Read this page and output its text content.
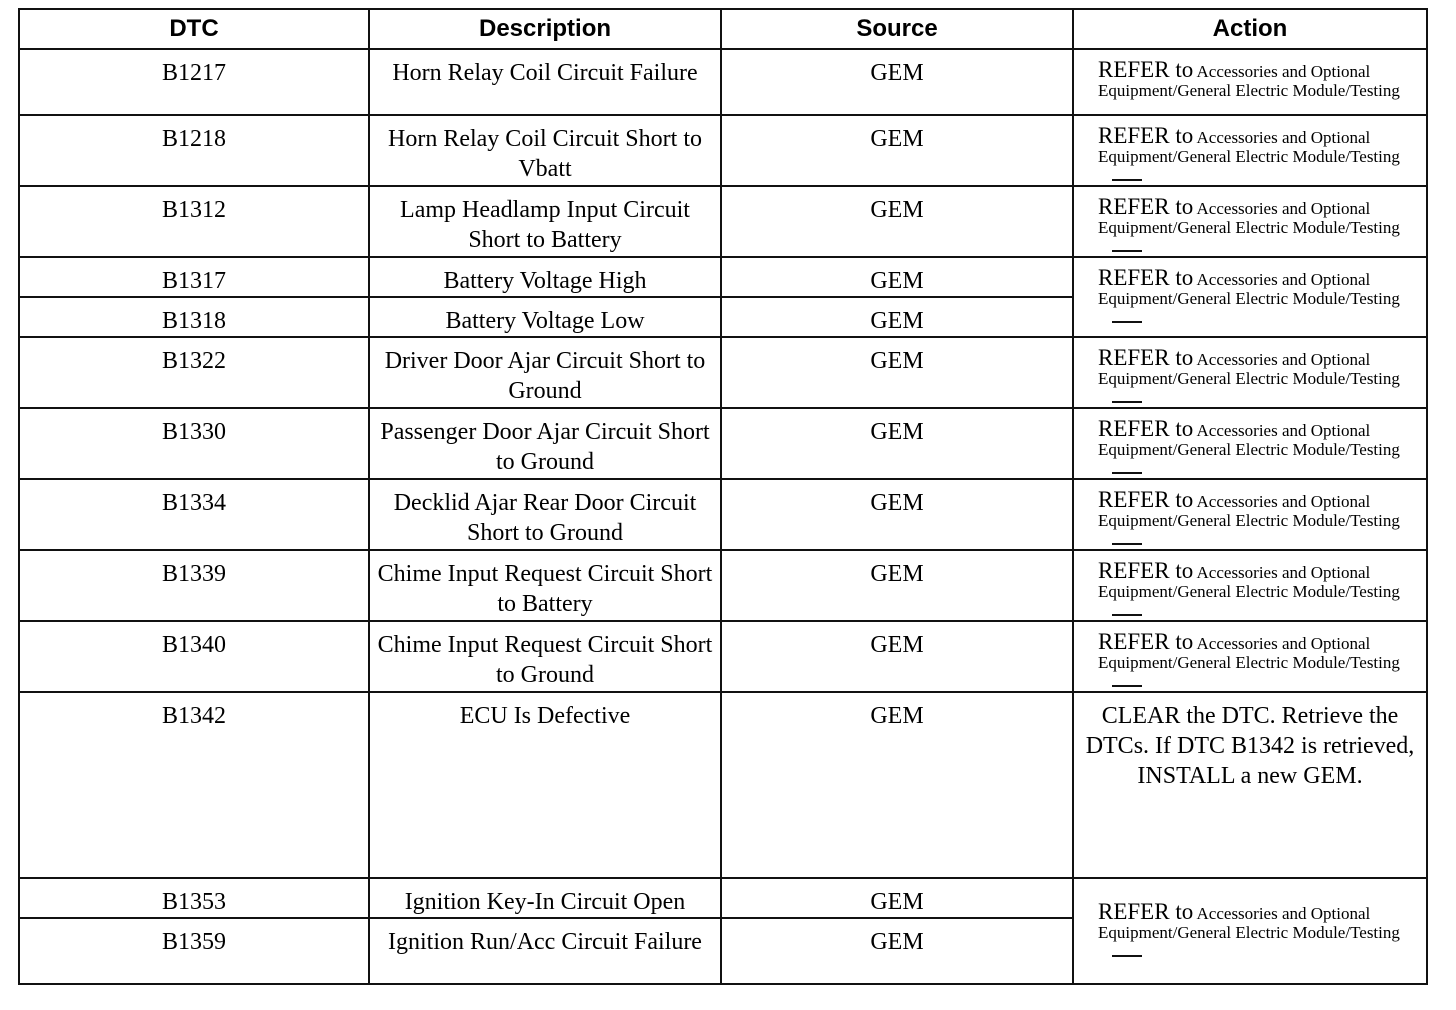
DTC	Description	Source	Action
B1217	Horn Relay Coil Circuit Failure	GEM	REFER to Accessories and Optional Equipment/General Electric Module/Testing
B1218	Horn Relay Coil Circuit Short to Vbatt	GEM	REFER to Accessories and Optional Equipment/General Electric Module/Testing
B1312	Lamp Headlamp Input Circuit Short to Battery	GEM	REFER to Accessories and Optional Equipment/General Electric Module/Testing
B1317	Battery Voltage High	GEM	REFER to Accessories and Optional Equipment/General Electric Module/Testing
B1318	Battery Voltage Low	GEM	
B1322	Driver Door Ajar Circuit Short to Ground	GEM	REFER to Accessories and Optional Equipment/General Electric Module/Testing
B1330	Passenger Door Ajar Circuit Short to Ground	GEM	REFER to Accessories and Optional Equipment/General Electric Module/Testing
B1334	Decklid Ajar Rear Door Circuit Short to Ground	GEM	REFER to Accessories and Optional Equipment/General Electric Module/Testing
B1339	Chime Input Request Circuit Short to Battery	GEM	REFER to Accessories and Optional Equipment/General Electric Module/Testing
B1340	Chime Input Request Circuit Short to Ground	GEM	REFER to Accessories and Optional Equipment/General Electric Module/Testing
B1342	ECU Is Defective	GEM	CLEAR the DTC. Retrieve the DTCs. If DTC B1342 is retrieved, INSTALL a new GEM.
B1353	Ignition Key-In Circuit Open	GEM	REFER to Accessories and Optional Equipment/General Electric Module/Testing
B1359	Ignition Run/Acc Circuit Failure	GEM	
